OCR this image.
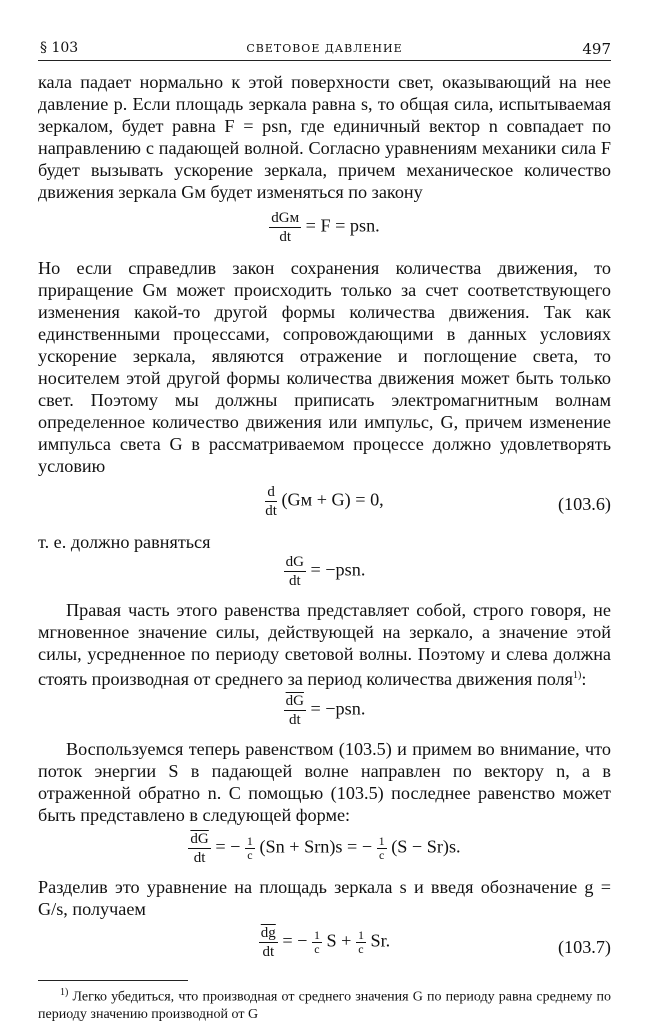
§ 103	СВЕТОВОЕ ДАВЛЕНИЕ	497

кала падает нормально к этой поверхности свет, оказывающий на нее давление p. Если площадь зеркала равна s, то общая сила, испытываемая зеркалом, будет равна F = psn, где единичный вектор n совпадает по направлению с падающей волной. Согласно уравнениям механики сила F будет вызывать ускорение зеркала, причем механическое количество движения зеркала Gм будет изменяться по закону

$\frac{\text{dGм}}{dt} = F$ = psn.

Но если справедлив закон сохранения количества движения, то приращение Gм может происходить только за счет соответствующего изменения какой-то другой формы количества движения. Так как единственными процессами, сопровождающими в данных условиях ускорение зеркала, являются отражение и поглощение света, то носителем этой другой формы количества движения может быть только свет. Поэтому мы должны приписать электромагнитным волнам определенное количество движения или импульс, G, причем изменение импульса света G в рассматриваемом процессе должно удовлетворять условию

$\frac{d}{dt} (Gм + G) = 0$,	(103.6)

т. е. должно равняться

$\frac{dG}{dt} = -psn$.

Правая часть этого равенства представляет собой, строго говоря, не мгновенное значение силы, действующей на зеркало, а значение этой силы, усредненное по периоду световой волны. Поэтому и слева должна стоять производная от среднего за период количества движения поля$^{1)}$:

$\frac{\overline{dG}}{dt} = -psn$.

Воспользуемся теперь равенством (103.5) и примем во внимание, что поток энергии S в падающей волне направлен по вектору n, а в отраженной обратно n. С помощью (103.5) последнее равенство может быть представлено в следующей форме:

$\frac{\overline{dG}}{dt}$ = − $\frac{1}{c} (Sn + Srn)s$ = − $\frac{1}{c} (S - Sr)s$.

Разделив это уравнение на площадь зеркала s и введя обозначение g = G/s, получаем

$\frac{\overline{dg}}{dt}$ = − $\frac{1}{c}$ $S + \frac{1}{c} Sr$.	(103.7)

$^{1)}$ Легко убедиться, что производная от среднего значения G по периоду равна среднему по периоду значению производной от G
